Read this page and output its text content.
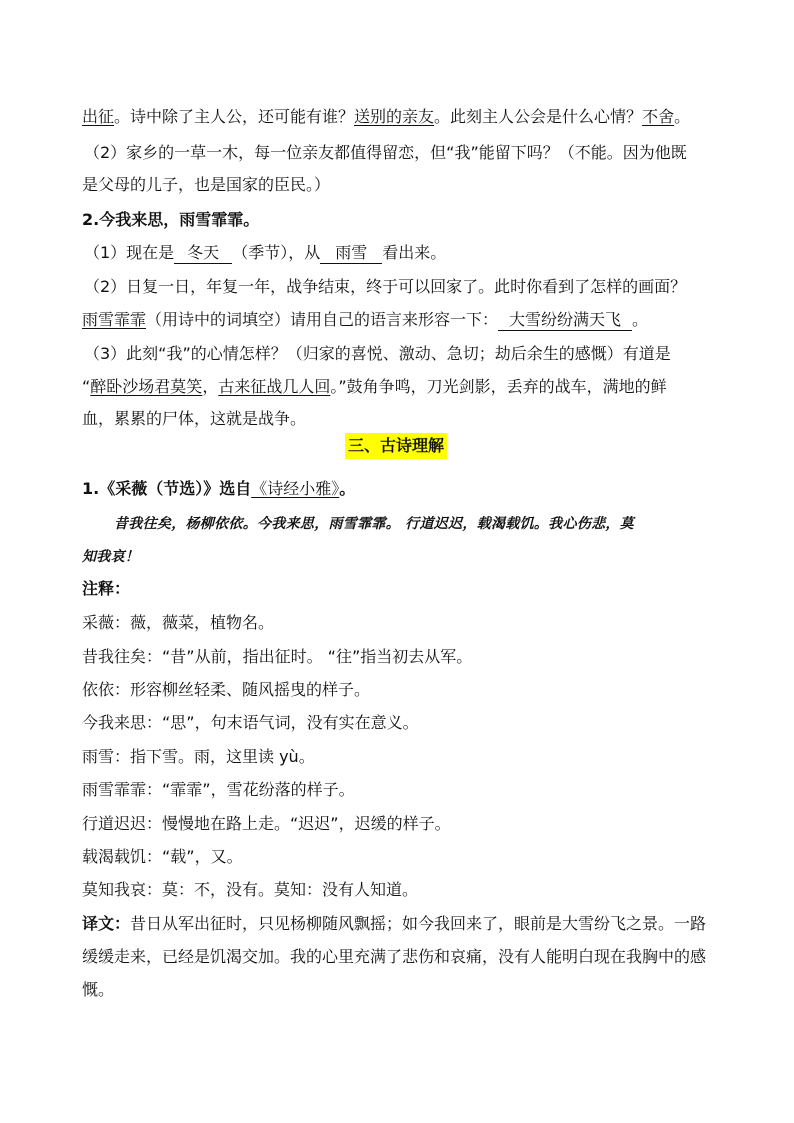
出征。诗中除了主人公，还可能有谁？送别的亲友。此刻主人公会是什么心情？不舍。
（2）家乡的一草一木，每一位亲友都值得留恋，但“我”能留下吗？（不能。因为他既
是父母的儿子，也是国家的臣民。）
2.今我来思，雨雪霏霏。
（1）现在是 冬天 （季节），从 雨雪 看出来。
（2）日复一日，年复一年，战争结束，终于可以回家了。此时你看到了怎样的画面？
雨雪霏霏（用诗中的词填空）请用自己的语言来形容一下： 大雪纷纷满天飞 。
（3）此刻“我”的心情怎样？（归家的喜悦、激动、急切；劫后余生的感慨）有道是
“醉卧沙场君莫笑，古来征战几人回。”鼓角争鸣，刀光剑影，丢弃的战车，满地的鲜
血，累累的尸体，这就是战争。
三、古诗理解
1.《采薇（节选）》选自《诗经小雅》。
昔我往矣，杨柳依依。今我来思，雨雪霏霏。 行道迟迟，载渴载饥。我心伤悲，莫
知我哀！
注释：
采薇：薇，薇菜，植物名。
昔我往矣：“昔”从前，指出征时。 “往”指当初去从军。
依依：形容柳丝轻柔、随风摇曳的样子。
今我来思：“思”，句末语气词，没有实在意义。
雨雪：指下雪。雨，这里读 yù。
雨雪霏霏：“霏霏”，雪花纷落的样子。
行道迟迟：慢慢地在路上走。“迟迟”，迟缓的样子。
载渴载饥：“载”，又。
莫知我哀：莫：不，没有。莫知：没有人知道。
译文：昔日从军出征时，只见杨柳随风飘摇；如今我回来了，眼前是大雪纷飞之景。一路
缓缓走来，已经是饥渴交加。我的心里充满了悲伤和哀痛，没有人能明白现在我胸中的感
慨。
